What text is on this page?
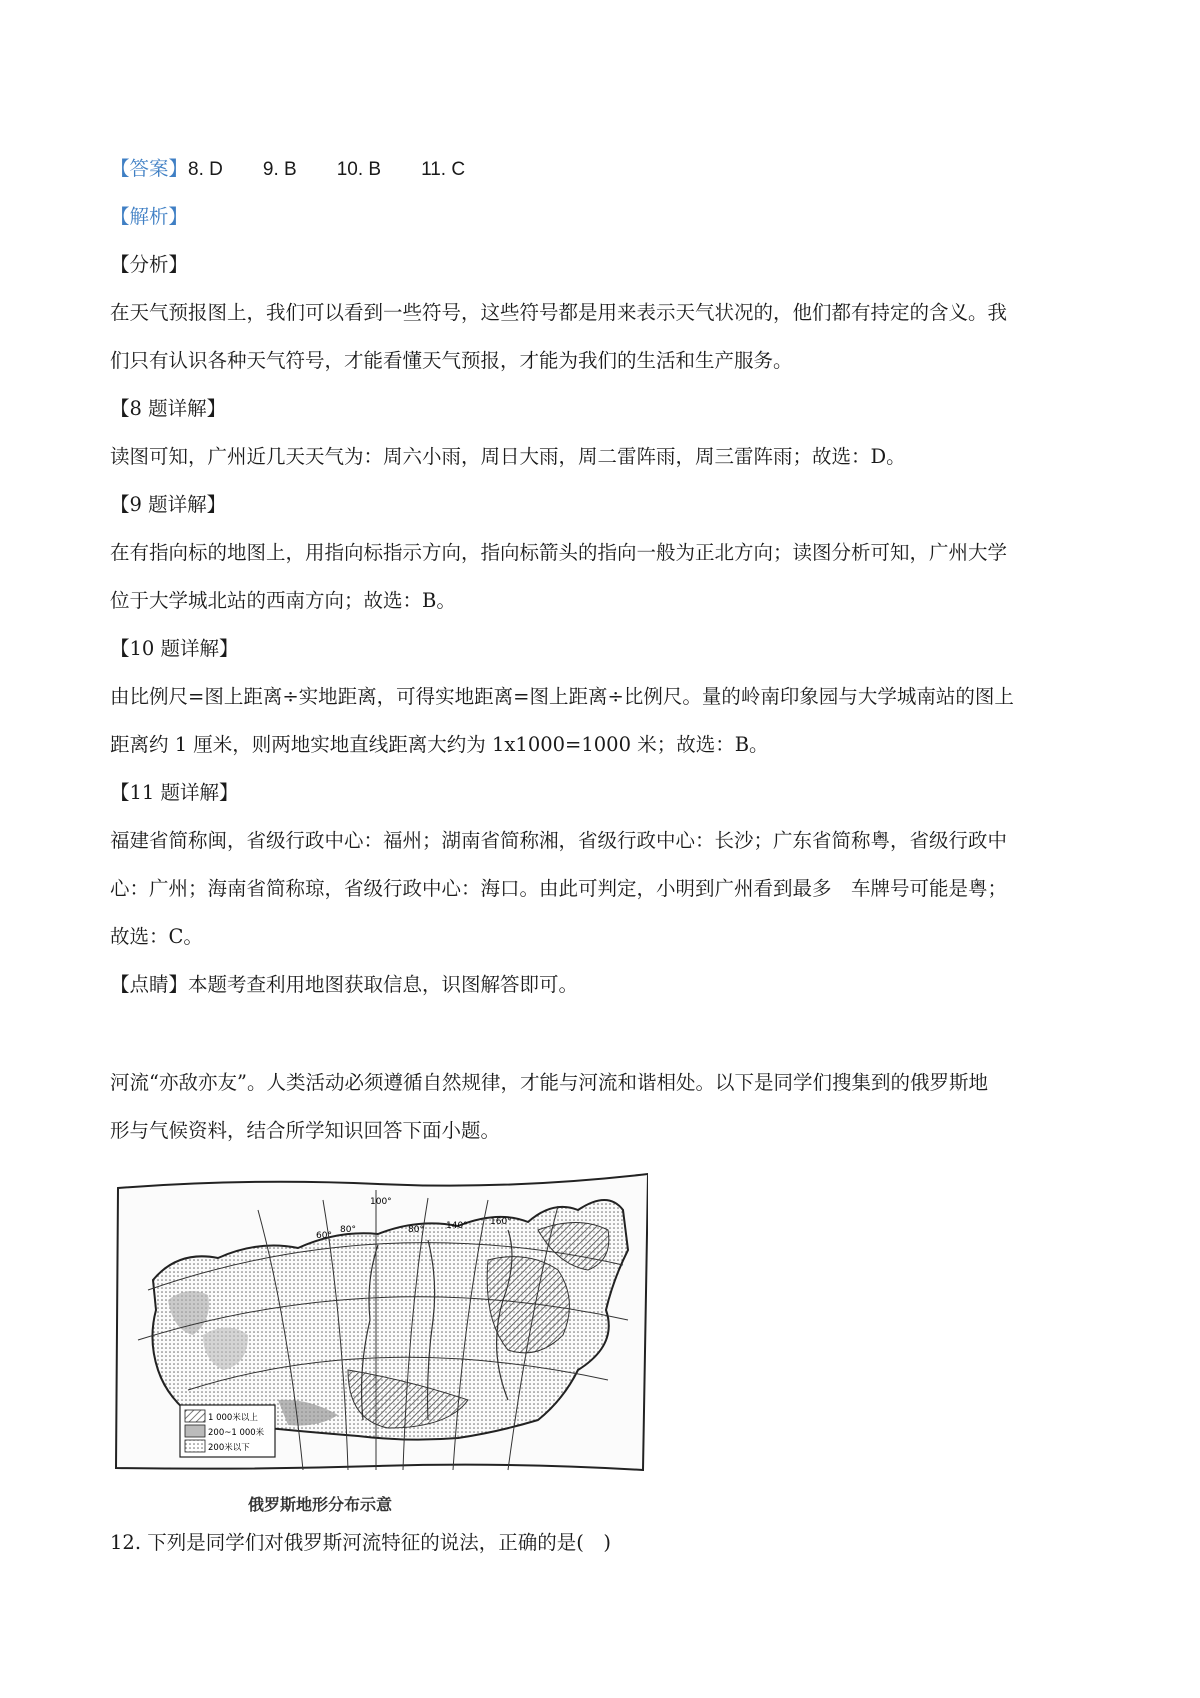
【答案】8. D 9. B 10. B 11. C
【解析】
【分析】
在天气预报图上，我们可以看到一些符号，这些符号都是用来表示天气状况的，他们都有持定的含义。我
们只有认识各种天气符号，才能看懂天气预报，才能为我们的生活和生产服务。
【8 题详解】
读图可知，广州近几天天气为：周六小雨，周日大雨，周二雷阵雨，周三雷阵雨；故选：D。
【9 题详解】
在有指向标的地图上，用指向标指示方向，指向标箭头的指向一般为正北方向；读图分析可知，广州大学
位于大学城北站的西南方向；故选：B。
【10 题详解】
由比例尺=图上距离÷实地距离，可得实地距离=图上距离÷比例尺。量的岭南印象园与大学城南站的图上
距离约 1 厘米，则两地实地直线距离大约为 1x1000=1000 米；故选：B。
【11 题详解】
福建省简称闽，省级行政中心：福州；湖南省简称湘，省级行政中心：长沙；广东省简称粤，省级行政中
心：广州；海南省简称琼，省级行政中心：海口。由此可判定，小明到广州看到最多　车牌号可能是粤；
故选：C。
【点睛】本题考查利用地图获取信息，识图解答即可。
河流“亦敌亦友”。人类活动必须遵循自然规律，才能与河流和谐相处。以下是同学们搜集到的俄罗斯地
形与气候资料，结合所学知识回答下面小题。
60°
80°
100°
80° 140° 160°
1 000米以上
200~1 000米
200米以下
俄罗斯地形分布示意
12. 下列是同学们对俄罗斯河流特征的说法，正确的是(　)
